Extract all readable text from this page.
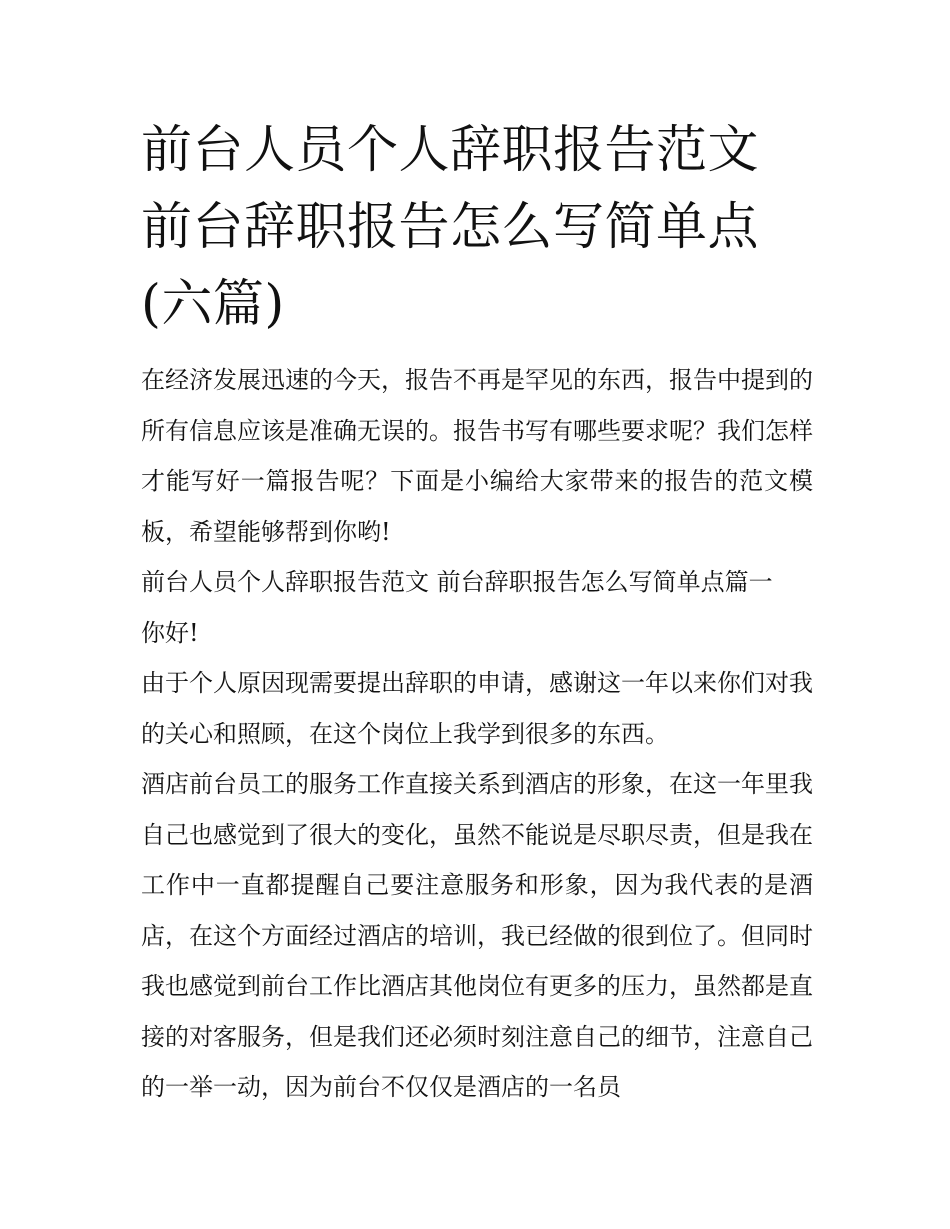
前台人员个人辞职报告范文 前台辞职报告怎么写简单点(六篇)

在经济发展迅速的今天，报告不再是罕见的东西，报告中提到的所有信息应该是准确无误的。报告书写有哪些要求呢？我们怎样才能写好一篇报告呢？下面是小编给大家带来的报告的范文模板，希望能够帮到你哟!

前台人员个人辞职报告范文 前台辞职报告怎么写简单点篇一

你好!

由于个人原因现需要提出辞职的申请，感谢这一年以来你们对我的关心和照顾，在这个岗位上我学到很多的东西。

酒店前台员工的服务工作直接关系到酒店的形象，在这一年里我自己也感觉到了很大的变化，虽然不能说是尽职尽责，但是我在工作中一直都提醒自己要注意服务和形象，因为我代表的是酒店，在这个方面经过酒店的培训，我已经做的很到位了。但同时我也感觉到前台工作比酒店其他岗位有更多的压力，虽然都是直接的对客服务，但是我们还必须时刻注意自己的细节，注意自己的一举一动，因为前台不仅仅是酒店的一名员
